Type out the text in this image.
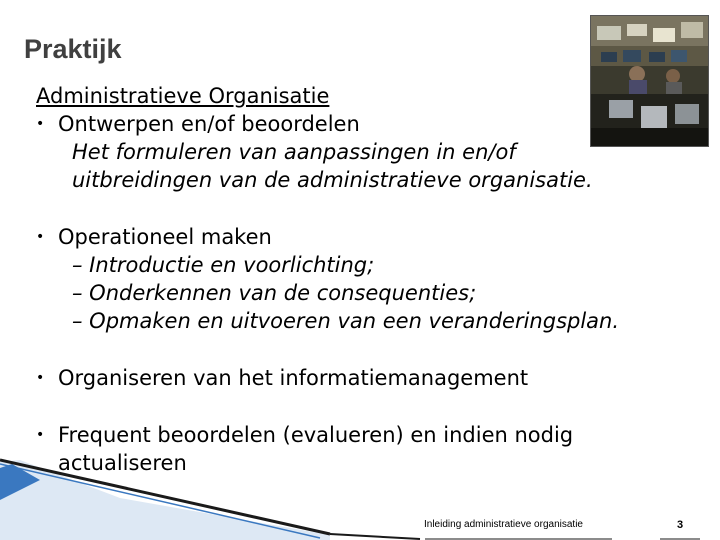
Praktijk
Administratieve Organisatie
• Ontwerpen en/of beoordelen
Het formuleren van aanpassingen in en/of
uitbreidingen van de administratieve organisatie.
• Operationeel maken
– Introductie en voorlichting;
– Onderkennen van de consequenties;
– Opmaken en uitvoeren van een veranderingsplan.
• Organiseren van het informatiemanagement
• Frequent beoordelen (evalueren) en indien nodig
actualiseren
Inleiding administratieve organisatie	3
